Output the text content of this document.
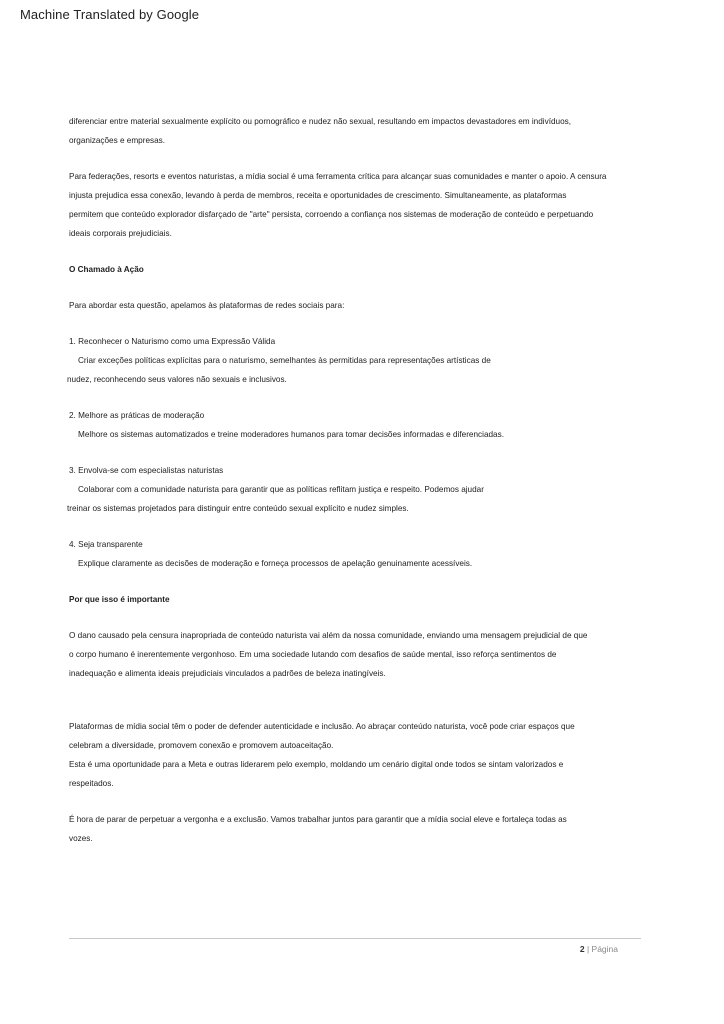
Machine Translated by Google

diferenciar entre material sexualmente explícito ou pornográfico e nudez não sexual, resultando em impactos devastadores em indivíduos,

organizações e empresas.

Para federações, resorts e eventos naturistas, a mídia social é uma ferramenta crítica para alcançar suas comunidades e manter o apoio. A censura

injusta prejudica essa conexão, levando à perda de membros, receita e oportunidades de crescimento. Simultaneamente, as plataformas

permitem que conteúdo explorador disfarçado de "arte" persista, corroendo a confiança nos sistemas de moderação de conteúdo e perpetuando

ideais corporais prejudiciais.

O Chamado à Ação

Para abordar esta questão, apelamos às plataformas de redes sociais para:

1. Reconhecer o Naturismo como uma Expressão Válida

Criar exceções políticas explícitas para o naturismo, semelhantes às permitidas para representações artísticas de

nudez, reconhecendo seus valores não sexuais e inclusivos.

2. Melhore as práticas de moderação

Melhore os sistemas automatizados e treine moderadores humanos para tomar decisões informadas e diferenciadas.

3. Envolva-se com especialistas naturistas

Colaborar com a comunidade naturista para garantir que as políticas reflitam justiça e respeito. Podemos ajudar

treinar os sistemas projetados para distinguir entre conteúdo sexual explícito e nudez simples.

4. Seja transparente

Explique claramente as decisões de moderação e forneça processos de apelação genuinamente acessíveis.

Por que isso é importante

O dano causado pela censura inapropriada de conteúdo naturista vai além da nossa comunidade, enviando uma mensagem prejudicial de que

o corpo humano é inerentemente vergonhoso. Em uma sociedade lutando com desafios de saúde mental, isso reforça sentimentos de

inadequação e alimenta ideais prejudiciais vinculados a padrões de beleza inatingíveis.

Plataformas de mídia social têm o poder de defender autenticidade e inclusão. Ao abraçar conteúdo naturista, você pode criar espaços que

celebram a diversidade, promovem conexão e promovem autoaceitação.

Esta é uma oportunidade para a Meta e outras liderarem pelo exemplo, moldando um cenário digital onde todos se sintam valorizados e

respeitados.

É hora de parar de perpetuar a vergonha e a exclusão. Vamos trabalhar juntos para garantir que a mídia social eleve e fortaleça todas as

vozes.

2 | Página
